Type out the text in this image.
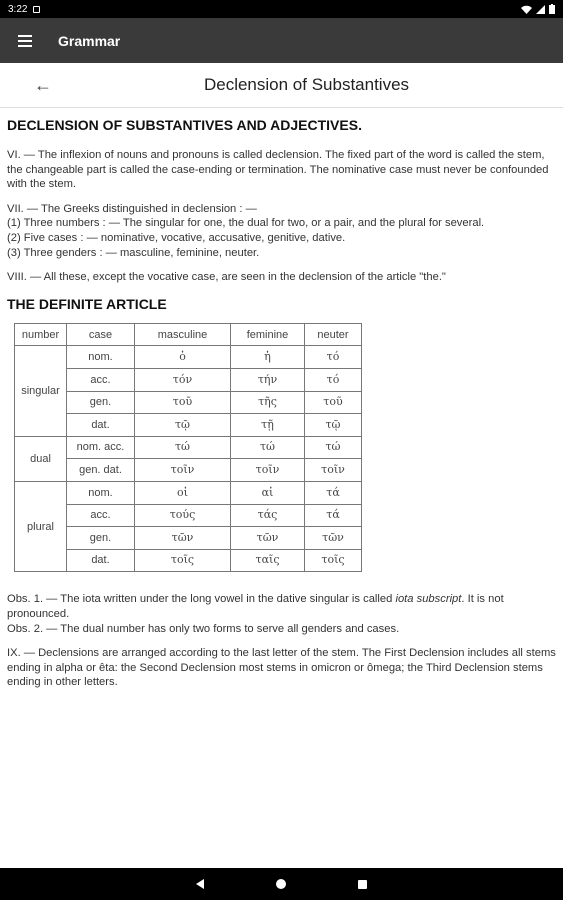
3:22
Grammar
←	Declension of Substantives
DECLENSION OF SUBSTANTIVES AND ADJECTIVES.

VI. — The inflexion of nouns and pronouns is called declension. The fixed part of the word is called the stem, the changeable part is called the case-ending or termination. The nominative case must never be confounded with the stem.

VII. — The Greeks distinguished in declension : —
(1) Three numbers : — The singular for one, the dual for two, or a pair, and the plural for several.
(2) Five cases : — nominative, vocative, accusative, genitive, dative.
(3) Three genders : — masculine, feminine, neuter.

VIII. — All these, except the vocative case, are seen in the declension of the article "the."

THE DEFINITE ARTICLE
number	case	masculine	feminine	neuter
singular	nom.	ὁ	ἡ	τό
	acc.	τόν	τήν	τό
	gen.	τοῦ	τῆς	τοῦ
	dat.	τῷ	τῇ	τῷ
dual	nom. acc.	τώ	τώ	τώ
	gen. dat.	τοῖν	τοῖν	τοῖν
plural	nom.	οἱ	αἱ	τά
	acc.	τούς	τάς	τά
	gen.	τῶν	τῶν	τῶν
	dat.	τοῖς	ταῖς	τοῖς

Obs. 1. — The iota written under the long vowel in the dative singular is called iota subscript. It is not pronounced.

Obs. 2. — The dual number has only two forms to serve all genders and cases.

IX. — Declensions are arranged according to the last letter of the stem. The First Declension includes all stems ending in alpha or êta: the Second Declension most stems in omicron or ômega; the Third Declension stems ending in other letters.
